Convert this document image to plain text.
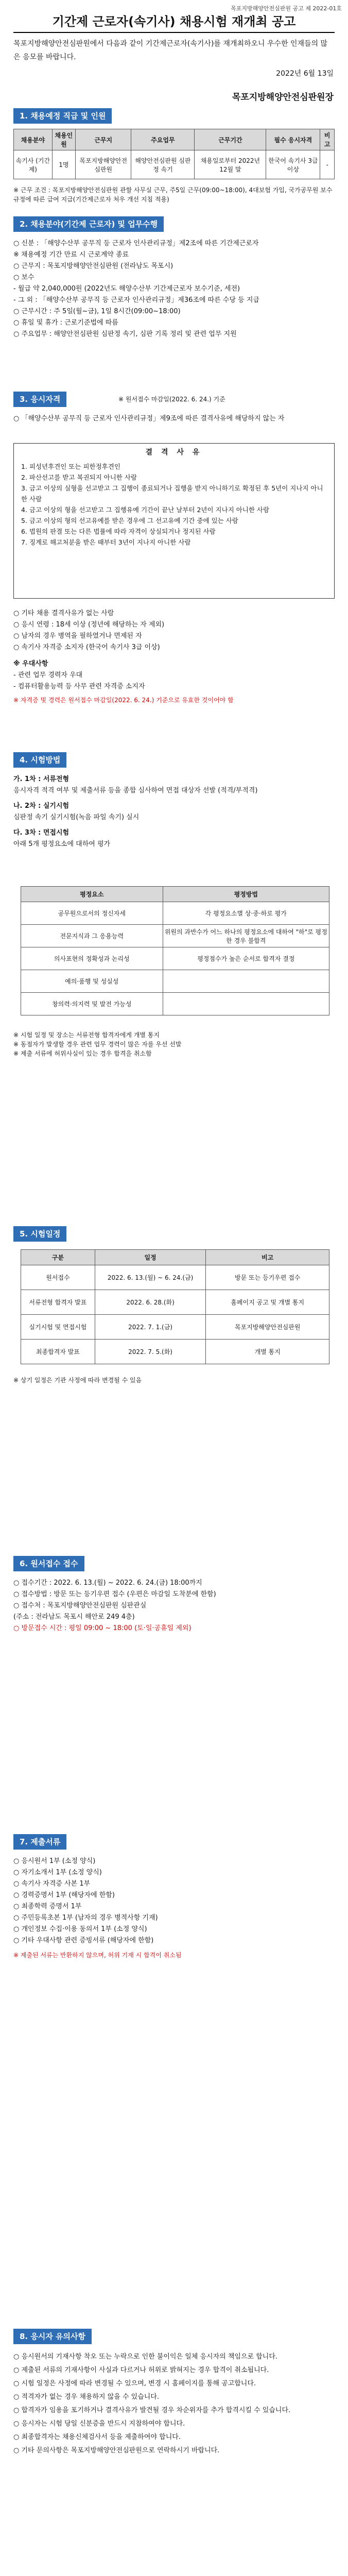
목포지방해양안전심판원 공고 제 2022-01호
기간제 근로자(속기사) 채용시험 재개최 공고
목포지방해양안전심판원에서 다음과 같이 기간제근로자(속기사)를 재개최하오니 우수한 인재들의 많은 응모를 바랍니다.
2022년 6월 13일
목포지방해양안전심판원장
1. 채용예정 직급 및 인원
채용분야	채용인원	근무지	주요업무	근무기간	필수 응시자격	비고
속기사 (기간제)	1명	목포지방해양안전심판원	해양안전심판원 심판정 속기	채용일로부터 2022년 12월 말	한국어 속기사 3급 이상	-
※ 근무 조건 : 목포지방해양안전심판원 관할 사무실 근무, 주5일 근무(09:00~18:00), 4대보험 가입, 국가공무원 보수 규정에 따른 급여 지급(기간제근로자 처우 개선 지침 적용)
2. 채용분야(기간제 근로자) 및 업무수행

○ 신분 : 「해양수산부 공무직 등 근로자 인사관리규정」제2조에 따른 기간제근로자

※ 채용예정 기간 만료 시 근로계약 종료

○ 근무지 : 목포지방해양안전심판원 (전라남도 목포시)

○ 보수

- 월급 약 2,040,000원 (2022년도 해양수산부 기간제근로자 보수기준, 세전)

- 그 외 : 「해양수산부 공무직 등 근로자 인사관리규정」제36조에 따른 수당 등 지급

○ 근무시간 : 주 5일(월~금), 1일 8시간(09:00~18:00)

○ 휴일 및 휴가 : 근로기준법에 따름

○ 주요업무 : 해양안전심판원 심판정 속기, 심판 기록 정리 및 관련 업무 지원

3. 응시자격	※ 원서접수 마감일(2022. 6. 24.) 기준

○ 「해양수산부 공무직 등 근로자 인사관리규정」제9조에 따른 결격사유에 해당하지 않는 자

결 격 사 유

1. 피성년후견인 또는 피한정후견인

2. 파산선고를 받고 복권되지 아니한 사람

3. 금고 이상의 실형을 선고받고 그 집행이 종료되거나 집행을 받지 아니하기로 확정된 후 5년이 지나지 아니한 사람

4. 금고 이상의 형을 선고받고 그 집행유예 기간이 끝난 날부터 2년이 지나지 아니한 사람

5. 금고 이상의 형의 선고유예를 받은 경우에 그 선고유예 기간 중에 있는 사람

6. 법원의 판결 또는 다른 법률에 따라 자격이 상실되거나 정지된 사람

7. 징계로 해고처분을 받은 때부터 3년이 지나지 아니한 사람

○ 기타 채용 결격사유가 없는 사람

○ 응시 연령 : 18세 이상 (정년에 해당하는 자 제외)

○ 남자의 경우 병역을 필하였거나 면제된 자

○ 속기사 자격증 소지자 (한국어 속기사 3급 이상)

※ 우대사항

- 관련 업무 경력자 우대

- 컴퓨터활용능력 등 사무 관련 자격증 소지자

※ 자격증 및 경력은 원서접수 마감일(2022. 6. 24.) 기준으로 유효한 것이어야 함

4. 시험방법

가. 1차 : 서류전형

응시자격 적격 여부 및 제출서류 등을 종합 심사하여 면접 대상자 선발 (적격/부적격)

나. 2차 : 실기시험

심판정 속기 실기시험(녹음 파일 속기) 실시

다. 3차 : 면접시험

아래 5개 평정요소에 대하여 평가

평정요소	평정방법
공무원으로서의 정신자세	각 평정요소별 상·중·하로 평가
전문지식과 그 응용능력	위원의 과반수가 어느 하나의 평정요소에 대하여 "하"로 평정한 경우 불합격
의사표현의 정확성과 논리성	평정점수가 높은 순서로 합격자 결정
예의·품행 및 성실성	
창의력·의지력 및 발전 가능성	

※ 시험 일정 및 장소는 서류전형 합격자에게 개별 통지

※ 동점자가 발생할 경우 관련 업무 경력이 많은 자를 우선 선발

※ 제출 서류에 허위사실이 있는 경우 합격을 취소함

5. 시험일정
구분	일정	비고
원서접수	2022. 6. 13.(월) ~ 6. 24.(금)	방문 또는 등기우편 접수
서류전형 합격자 발표	2022. 6. 28.(화)	홈페이지 공고 및 개별 통지
실기시험 및 면접시험	2022. 7. 1.(금)	목포지방해양안전심판원
최종합격자 발표	2022. 7. 5.(화)	개별 통지
※ 상기 일정은 기관 사정에 따라 변경될 수 있음
6. 원서접수 접수

○ 접수기간 : 2022. 6. 13.(월) ~ 2022. 6. 24.(금) 18:00까지

○ 접수방법 : 방문 또는 등기우편 접수 (우편은 마감일 도착분에 한함)

○ 접수처 : 목포지방해양안전심판원 심판관실

(주소 : 전라남도 목포시 해안로 249 4층)

○ 방문접수 시간 : 평일 09:00 ~ 18:00 (토·일·공휴일 제외)

7. 제출서류

○ 응시원서 1부 (소정 양식)

○ 자기소개서 1부 (소정 양식)

○ 속기사 자격증 사본 1부

○ 경력증명서 1부 (해당자에 한함)

○ 최종학력 증명서 1부

○ 주민등록초본 1부 (남자의 경우 병적사항 기재)

○ 개인정보 수집·이용 동의서 1부 (소정 양식)

○ 기타 우대사항 관련 증빙서류 (해당자에 한함)

※ 제출된 서류는 반환하지 않으며, 허위 기재 시 합격이 취소됨

8. 응시자 유의사항

○ 응시원서의 기재사항 착오 또는 누락으로 인한 불이익은 일체 응시자의 책임으로 합니다.

○ 제출된 서류의 기재사항이 사실과 다르거나 허위로 밝혀지는 경우 합격이 취소됩니다.

○ 시험 일정은 사정에 따라 변경될 수 있으며, 변경 시 홈페이지를 통해 공고합니다.

○ 적격자가 없는 경우 채용하지 않을 수 있습니다.

○ 합격자가 임용을 포기하거나 결격사유가 발견될 경우 차순위자를 추가 합격시킬 수 있습니다.

○ 응시자는 시험 당일 신분증을 반드시 지참하여야 합니다.

○ 최종합격자는 채용신체검사서 등을 제출하여야 합니다.

○ 기타 문의사항은 목포지방해양안전심판원으로 연락하시기 바랍니다.
